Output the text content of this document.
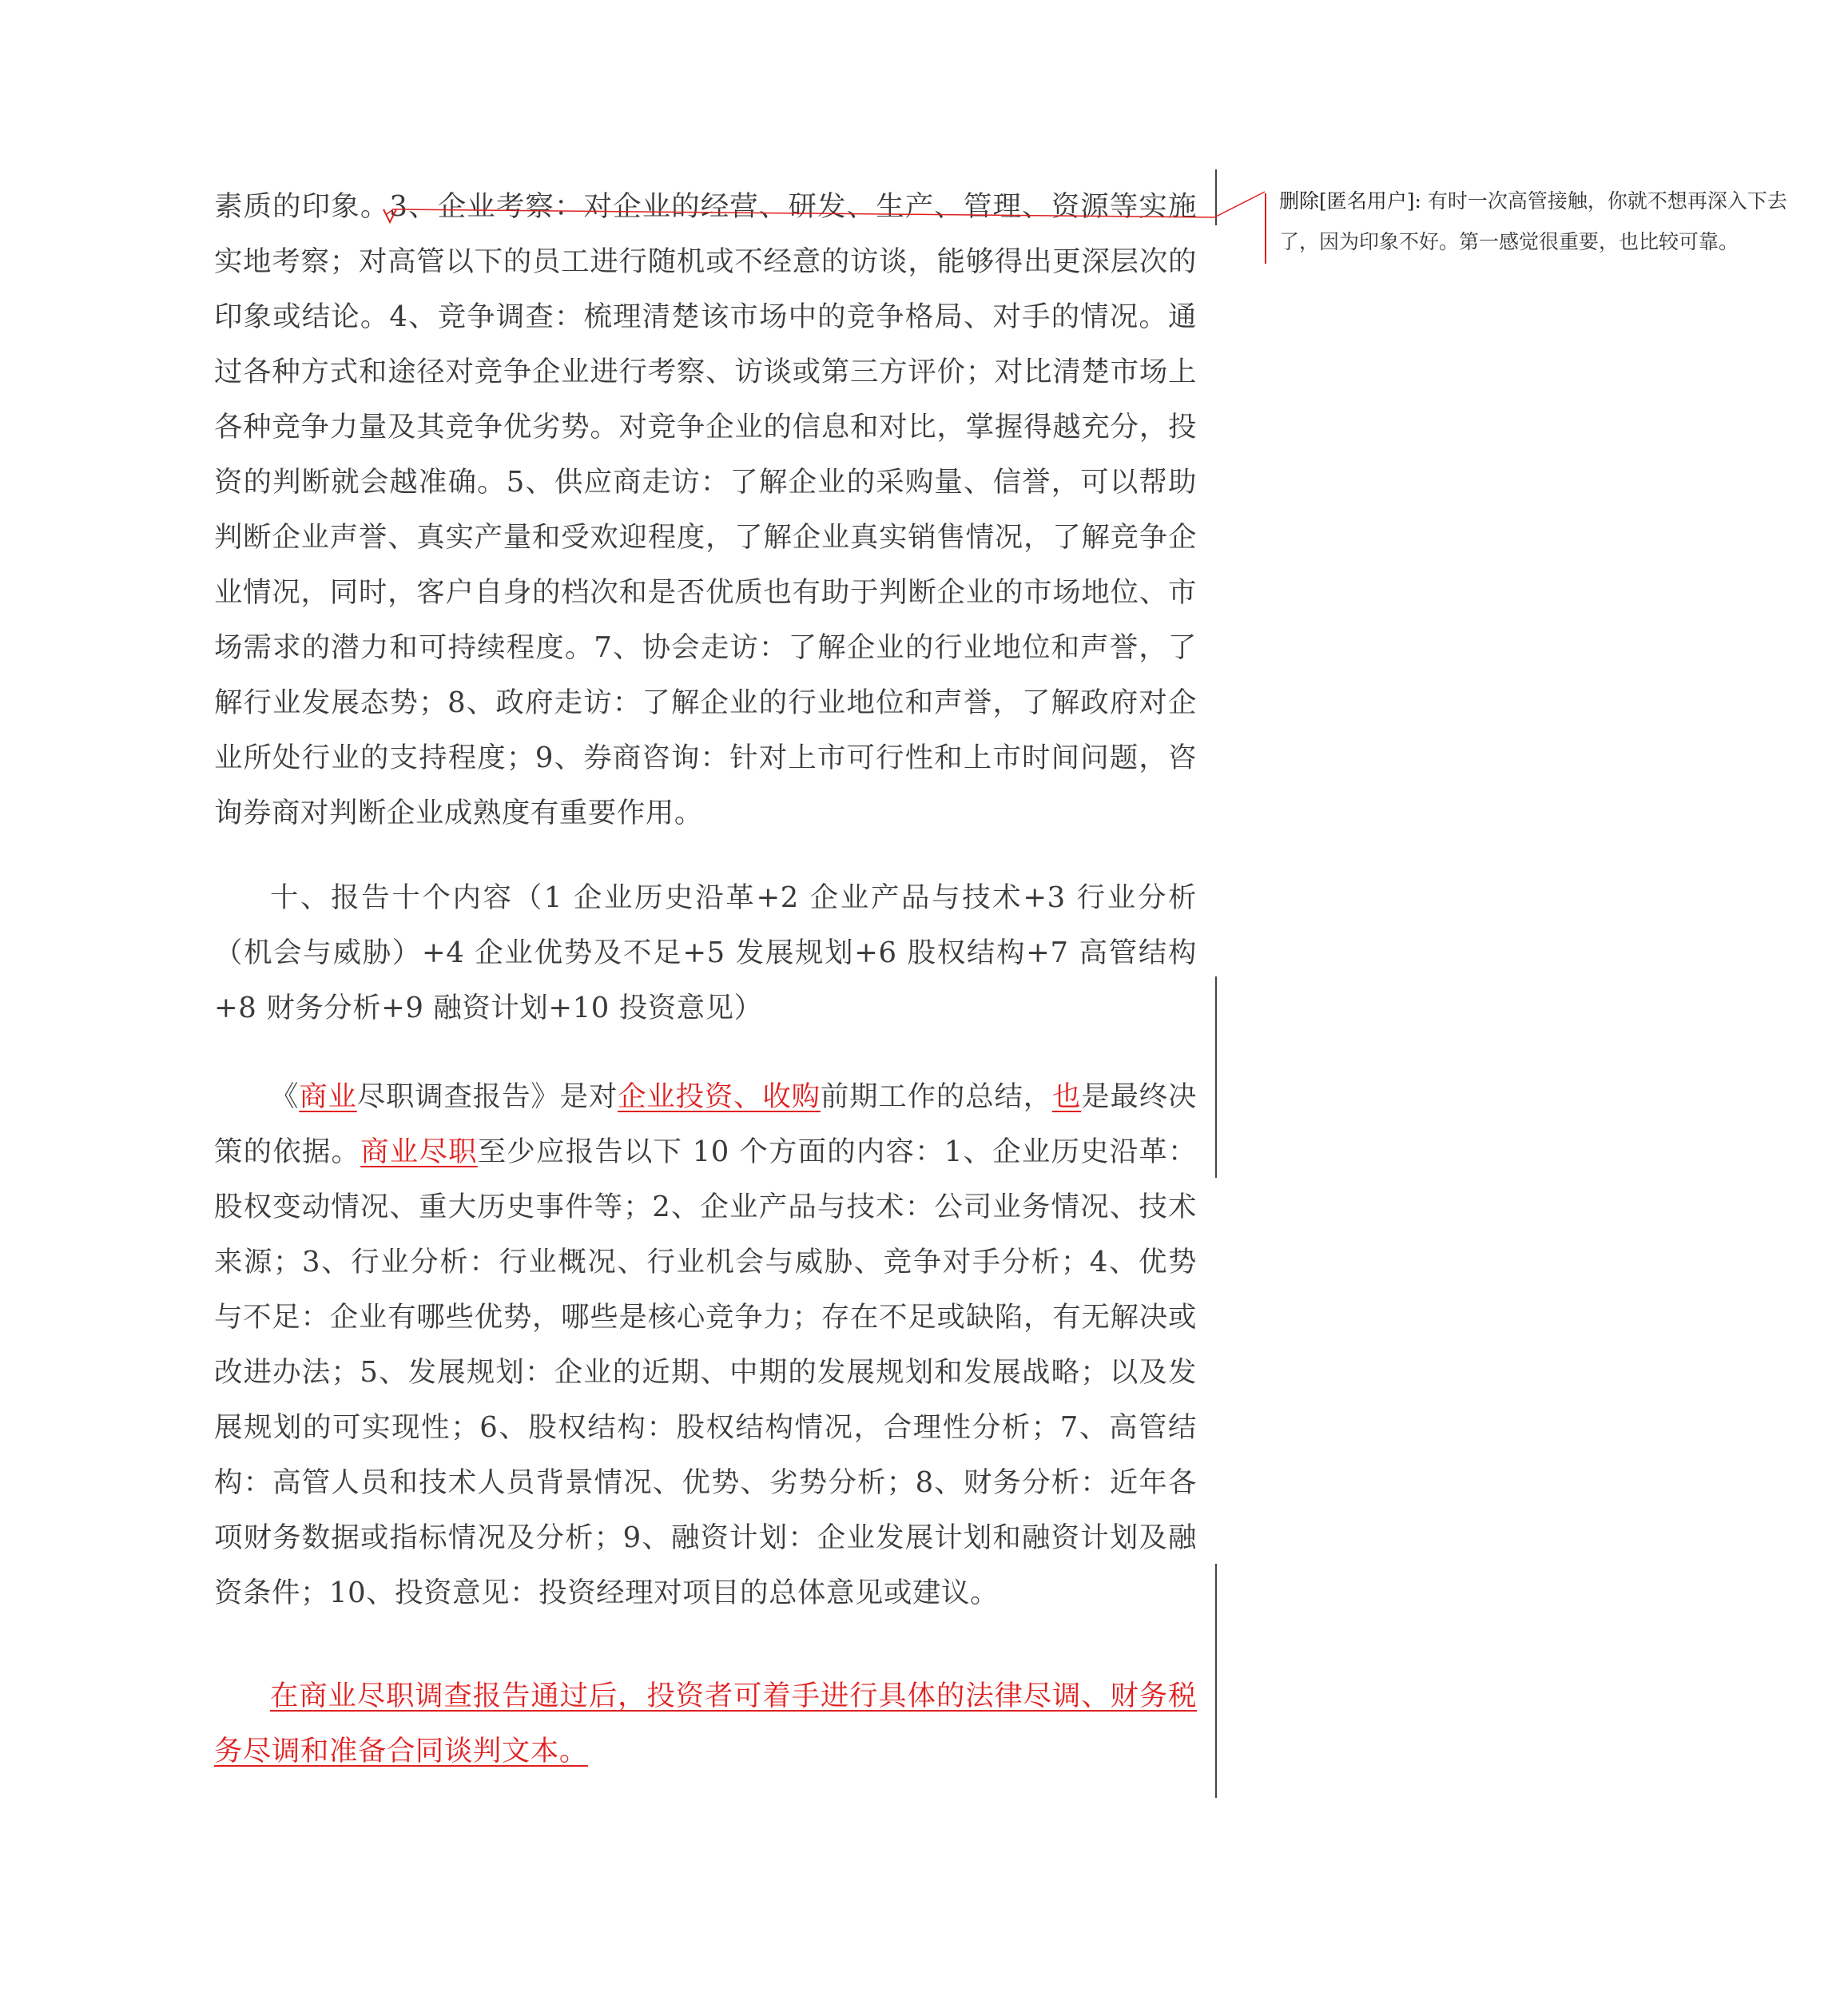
素质的印象。3、企业考察：对企业的经营、研发、生产、管理、资源等实施实地考察；对高管以下的员工进行随机或不经意的访谈，能够得出更深层次的印象或结论。4、竞争调查：梳理清楚该市场中的竞争格局、对手的情况。通过各种方式和途径对竞争企业进行考察、访谈或第三方评价；对比清楚市场上各种竞争力量及其竞争优劣势。对竞争企业的信息和对比，掌握得越充分，投资的判断就会越准确。5、供应商走访：了解企业的采购量、信誉，可以帮助判断企业声誉、真实产量和受欢迎程度，了解企业真实销售情况，了解竞争企业情况，同时，客户自身的档次和是否优质也有助于判断企业的市场地位、市场需求的潜力和可持续程度。7、协会走访：了解企业的行业地位和声誉，了解行业发展态势；8、政府走访：了解企业的行业地位和声誉，了解政府对企业所处行业的支持程度；9、券商咨询：针对上市可行性和上市时间问题，咨询券商对判断企业成熟度有重要作用。

十、报告十个内容（1 企业历史沿革+2 企业产品与技术+3 行业分析（机会与威胁）+4 企业优势及不足+5 发展规划+6 股权结构+7 高管结构+8 财务分析+9 融资计划+10 投资意见）

《商业尽职调查报告》是对企业投资、收购前期工作的总结，也是最终决策的依据。商业尽职至少应报告以下 10 个方面的内容：1、企业历史沿革：股权变动情况、重大历史事件等；2、企业产品与技术：公司业务情况、技术来源；3、行业分析：行业概况、行业机会与威胁、竞争对手分析；4、优势与不足：企业有哪些优势，哪些是核心竞争力；存在不足或缺陷，有无解决或改进办法；5、发展规划：企业的近期、中期的发展规划和发展战略；以及发展规划的可实现性；6、股权结构：股权结构情况，合理性分析；7、高管结构：高管人员和技术人员背景情况、优势、劣势分析；8、财务分析：近年各项财务数据或指标情况及分析；9、融资计划：企业发展计划和融资计划及融资条件；10、投资意见：投资经理对项目的总体意见或建议。

在商业尽职调查报告通过后，投资者可着手进行具体的法律尽调、财务税务尽调和准备合同谈判文本。

删除[匿名用户]: 有时一次高管接触，你就不想再深入下去了，因为印象不好。第一感觉很重要，也比较可靠。
